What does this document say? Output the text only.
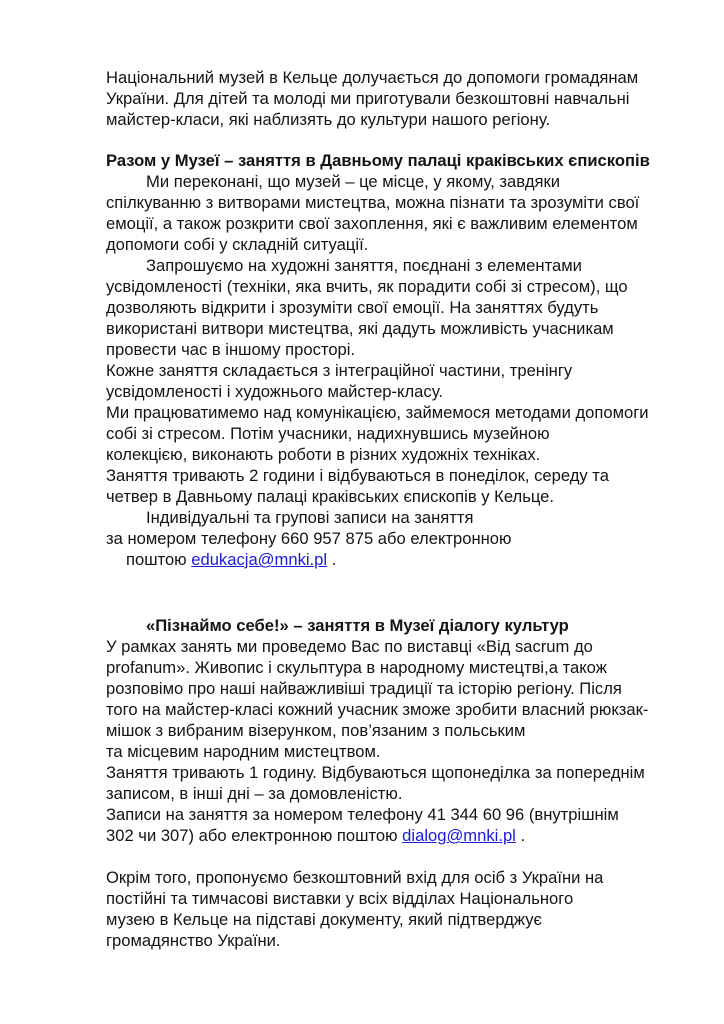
Національний музей в Кельце долучається до допомоги громадянам

України. Для дітей та молоді ми приготували безкоштовні навчальні

майстер-класи, які наблизять до культури нашого регіону.

Разом у Музеї – заняття в Давньому палаці краківських єпископів

Ми переконані, що музей – це місце, у якому, завдяки

спілкуванню з витворами мистецтва, можна пізнати та зрозуміти свої

емоції, а також розкрити свої захоплення, які є важливим елементом

допомоги собі у складній ситуації.

Запрошуємо на художні заняття, поєднані з елементами

усвідомленості (техніки, яка вчить, як порадити собі зі стресом), що

дозволяють відкрити і зрозуміти свої емоції. На заняттях будуть

використані витвори мистецтва, які дадуть можливість учасникам

провести час в іншому просторі.

Кожне заняття складається з інтеграційної частини, тренінгу

усвідомленості і художнього майстер-класу.

Ми працюватимемо над комунікацією, займемося методами допомоги

собі зі стресом. Потім учасники, надихнувшись музейною

колекцією, виконають роботи в різних художніх техніках.

Заняття тривають 2 години і відбуваються в понеділок, середу та

четвер в Давньому палаці краківських єпископів у Кельце.

Індивідуальні та групові записи на заняття

за номером телефону 660 957 875 або електронною

поштою edukacja@mnki.pl .

«Пізнаймо себе!» – заняття в Музеї діалогу культур

У рамках занять ми проведемо Вас по виставці «Від sacrum до

profanum». Живопис і скульптура в народному мистецтві,а також

розповімо про наші найважливіші традиції та історію регіону. Після

того на майстер-класі кожний учасник зможе зробити власний рюкзак-

мішок з вибраним візерунком, пов’язаним з польським

та місцевим народним мистецтвом.

Заняття тривають 1 годину. Відбуваються щопонеділка за попереднім

записом, в інші дні – за домовленістю.

Записи на заняття за номером телефону 41 344 60 96 (внутрішнім

302 чи 307) або електронною поштою dialog@mnki.pl .

Окрім того, пропонуємо безкоштовний вхід для осіб з України на

постійні та тимчасові виставки у всіх відділах Національного

музею в Кельце на підставі документу, який підтверджує

громадянство України.
